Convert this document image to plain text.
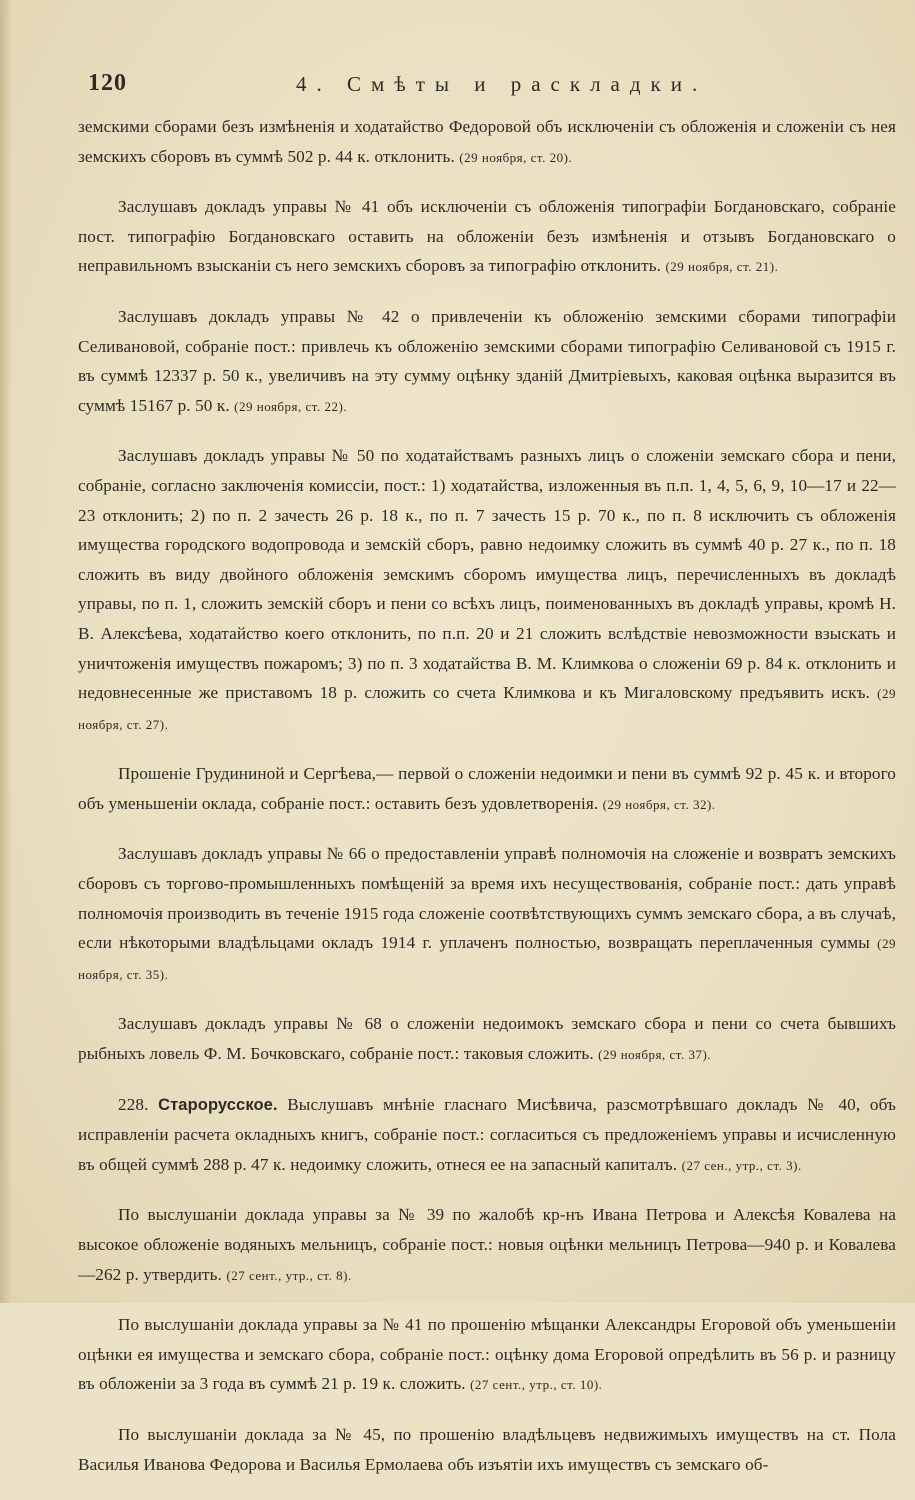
120	4. Смѣты и раскладки.

земскими сборами безъ измѣненія и ходатайство Федоровой объ исключеніи съ обложенія и сложеніи съ нея земскихъ сборовъ въ суммѣ 502 р. 44 к. отклонить. (29 ноября, ст. 20).

Заслушавъ докладъ управы № 41 объ исключеніи съ обложенія типографіи Богдановскаго, собраніе пост. типографію Богдановскаго оставить на обложеніи безъ измѣненія и отзывъ Богдановскаго о неправильномъ взысканіи съ него земскихъ сборовъ за типографію отклонить. (29 ноября, ст. 21).

Заслушавъ докладъ управы № 42 о привлеченіи къ обложенію земскими сборами типографіи Селивановой, собраніе пост.: привлечь къ обложенію земскими сборами типографію Селивановой съ 1915 г. въ суммѣ 12337 р. 50 к., увеличивъ на эту сумму оцѣнку зданій Дмитріевыхъ, каковая оцѣнка выразится въ суммѣ 15167 р. 50 к. (29 ноября, ст. 22).

Заслушавъ докладъ управы № 50 по ходатайствамъ разныхъ лицъ о сложеніи земскаго сбора и пени, собраніе, согласно заключенія комиссіи, пост.: 1) ходатайства, изложенныя въ п.п. 1, 4, 5, 6, 9, 10—17 и 22—23 отклонить; 2) по п. 2 зачесть 26 р. 18 к., по п. 7 зачесть 15 р. 70 к., по п. 8 исключить съ обложенія имущества городского водопровода и земскій сборъ, равно недоимку сложить въ суммѣ 40 р. 27 к., по п. 18 сложить въ виду двойного обложенія земскимъ сборомъ имущества лицъ, перечисленныхъ въ докладѣ управы, по п. 1, сложить земскій сборъ и пени со всѣхъ лицъ, поименованныхъ въ докладѣ управы, кромѣ Н. В. Алексѣева, ходатайство коего отклонить, по п.п. 20 и 21 сложить вслѣдствіе невозможности взыскать и уничтоженія имуществъ пожаромъ; 3) по п. 3 ходатайства В. М. Климкова о сложеніи 69 р. 84 к. отклонить и недовнесенные же приставомъ 18 р. сложить со счета Климкова и къ Мигаловскому предъявить искъ. (29 ноября, ст. 27).

Прошеніе Грудининой и Сергѣева,— первой о сложеніи недоимки и пени въ суммѣ 92 р. 45 к. и второго объ уменьшеніи оклада, собраніе пост.: оставить безъ удовлетворенія. (29 ноября, ст. 32).

Заслушавъ докладъ управы № 66 о предоставленіи управѣ полномочія на сложеніе и возвратъ земскихъ сборовъ съ торгово-промышленныхъ помѣщеній за время ихъ несуществованія, собраніе пост.: дать управѣ полномочія производить въ теченіе 1915 года сложеніе соотвѣтствующихъ суммъ земскаго сбора, а въ случаѣ, если нѣкоторыми владѣльцами окладъ 1914 г. уплаченъ полностью, возвращать переплаченныя суммы (29 ноября, ст. 35).

Заслушавъ докладъ управы № 68 о сложеніи недоимокъ земскаго сбора и пени со счета бывшихъ рыбныхъ ловель Ф. М. Бочковскаго, собраніе пост.: таковыя сложить. (29 ноября, ст. 37).

228. Старорусское. Выслушавъ мнѣніе гласнаго Мисѣвича, разсмотрѣвшаго докладъ № 40, объ исправленіи расчета окладныхъ книгъ, собраніе пост.: согласиться съ предложеніемъ управы и исчисленную въ общей суммѣ 288 р. 47 к. недоимку сложить, отнеся ее на запасный капиталъ. (27 сен., утр., ст. 3).

По выслушаніи доклада управы за № 39 по жалобѣ кр-нъ Ивана Петрова и Алексѣя Ковалева на высокое обложеніе водяныхъ мельницъ, собраніе пост.: новыя оцѣнки мельницъ Петрова—940 р. и Ковалева—262 р. утвердить. (27 сент., утр., ст. 8).

По выслушаніи доклада управы за № 41 по прошенію мѣщанки Александры Егоровой объ уменьшеніи оцѣнки ея имущества и земскаго сбора, собраніе пост.: оцѣнку дома Егоровой опредѣлить въ 56 р. и разницу въ обложеніи за 3 года въ суммѣ 21 р. 19 к. сложить. (27 сент., утр., ст. 10).

По выслушаніи доклада за № 45, по прошенію владѣльцевъ недвижимыхъ имуществъ на ст. Пола Василья Иванова Федорова и Василья Ермолаева объ изъятіи ихъ имуществъ съ земскаго об-
